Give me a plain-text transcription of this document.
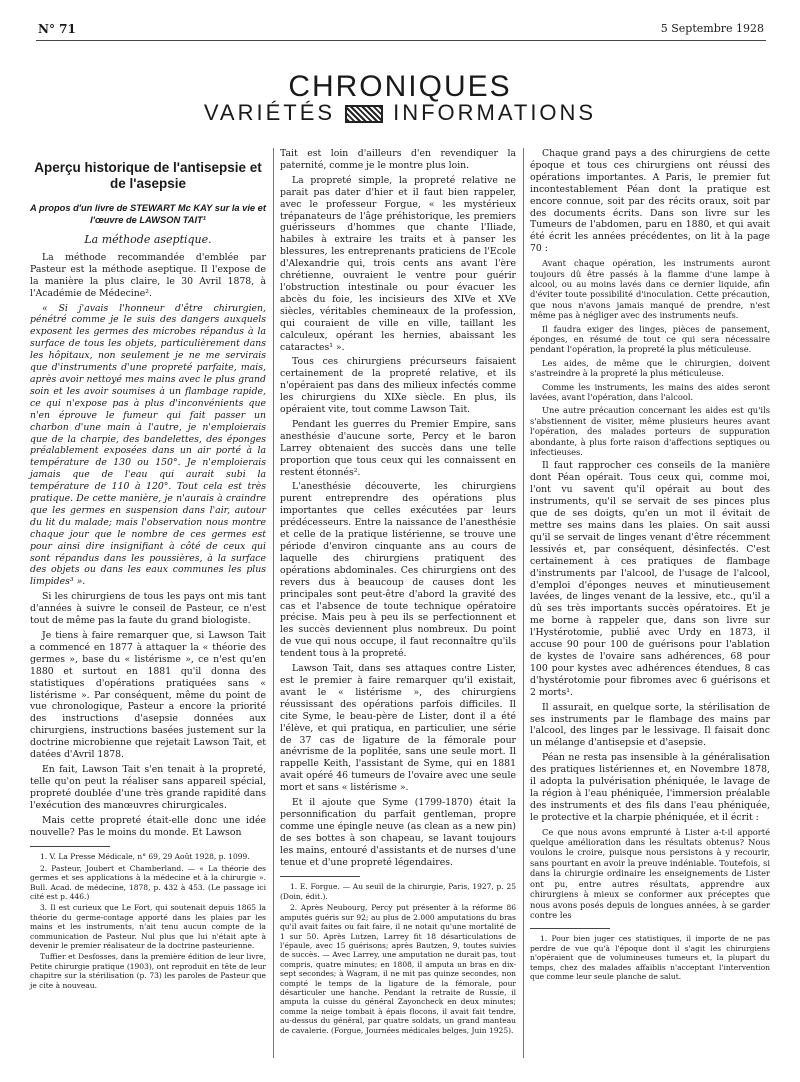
N° 71	5 Septembre 1928
CHRONIQUES
VARIÉTÉS	INFORMATIONS
Aperçu historique de l'antisepsie et de l'asepsie
A propos d'un livre de STEWART Mc KAY sur la vie et l'œuvre de LAWSON TAIT¹
La méthode aseptique.

La méthode recommandée d'emblée par Pasteur est la méthode aseptique. Il l'expose de la manière la plus claire, le 30 Avril 1878, à l'Académie de Médecine².

« Si j'avais l'honneur d'être chirurgien, pénétré comme je le suis des dangers auxquels exposent les germes des microbes répandus à la surface de tous les objets, particulièrement dans les hôpitaux, non seulement je ne me servirais que d'instruments d'une propreté parfaite, mais, après avoir nettoyé mes mains avec le plus grand soin et les avoir soumises à un flambage rapide, ce qui n'expose pas à plus d'inconvénients que n'en éprouve le fumeur qui fait passer un charbon d'une main à l'autre, je n'emploierais que de la charpie, des bandelettes, des éponges préalablement exposées dans un air porté à la température de 130 ou 150°. Je n'emploierais jamais que de l'eau qui aurait subi la température de 110 à 120°. Tout cela est très pratique. De cette manière, je n'aurais à craindre que les germes en suspension dans l'air, autour du lit du malade; mais l'observation nous montre chaque jour que le nombre de ces germes est pour ainsi dire insignifiant à côté de ceux qui sont répandus dans les poussières, à la surface des objets ou dans les eaux communes les plus limpides³ ».

Si les chirurgiens de tous les pays ont mis tant d'années à suivre le conseil de Pasteur, ce n'est tout de même pas la faute du grand biologiste.

Je tiens à faire remarquer que, si Lawson Tait a commencé en 1877 à attaquer la « théorie des germes », base du « listérisme », ce n'est qu'en 1880 et surtout en 1881 qu'il donna des statistiques d'opérations pratiquées sans « listérisme ». Par conséquent, même du point de vue chronologique, Pasteur a encore la priorité des instructions d'asepsie données aux chirurgiens, instructions basées justement sur la doctrine microbienne que rejetait Lawson Tait, et datées d'Avril 1878.

En fait, Lawson Tait s'en tenait à la propreté, telle qu'on peut la réaliser sans appareil spécial, propreté doublée d'une très grande rapidité dans l'exécution des manœuvres chirurgicales.

Mais cette propreté était-elle donc une idée nouvelle? Pas le moins du monde. Et Lawson

1. V. La Presse Médicale, n° 69, 29 Août 1928, p. 1099.
2. Pasteur, Joubert et Chamberland. — « La théorie des germes et ses applications à la médecine et à la chirurgie ». Bull. Acad. de médecine, 1878, p. 432 à 453. (Le passage ici cité est p. 446.)
3. Il est curieux que Le Fort, qui soutenait depuis 1865 la théorie du germe-contage apporté dans les plaies par les mains et les instruments, n'ait tenu aucun compte de la communication de Pasteur. Nul plus que lui n'était apte à devenir le premier réalisateur de la doctrine pasteurienne.
Tuffier et Desfosses, dans la première édition de leur livre, Petite chirurgie pratique (1903), ont reproduit en tête de leur chapitre sur la stérilisation (p. 73) les paroles de Pasteur que je cite à nouveau.

Tait est loin d'ailleurs d'en revendiquer la paternité, comme je le montre plus loin.

La propreté simple, la propreté relative ne parait pas dater d'hier et il faut bien rappeler, avec le professeur Forgue, « les mystérieux trépanateurs de l'âge préhistorique, les premiers guérisseurs d'hommes que chante l'Iliade, habiles à extraire les traits et à panser les blessures, les entreprenants praticiens de l'Ecole d'Alexandrie qui, trois cents ans avant l'ère chrétienne, ouvraient le ventre pour guérir l'obstruction intestinale ou pour évacuer les abcès du foie, les incisieurs des XIVe et XVe siècles, véritables chemineaux de la profession, qui couraient de ville en ville, taillant les calculeux, opérant les hernies, abaissant les cataractes¹ ».

Tous ces chirurgiens précurseurs faisaient certainement de la propreté relative, et ils n'opéraient pas dans des milieux infectés comme les chirurgiens du XIXe siècle. En plus, ils opéraient vite, tout comme Lawson Tait.

Pendant les guerres du Premier Empire, sans anesthésie d'aucune sorte, Percy et le baron Larrey obtenaient des succès dans une telle proportion que tous ceux qui les connaissent en restent étonnés².

L'anesthésie découverte, les chirurgiens purent entreprendre des opérations plus importantes que celles exécutées par leurs prédécesseurs. Entre la naissance de l'anesthésie et celle de la pratique listérienne, se trouve une période d'environ cinquante ans au cours de laquelle des chirurgiens pratiquent des opérations abdominales. Ces chirurgiens ont des revers dus à beaucoup de causes dont les principales sont peut-être d'abord la gravité des cas et l'absence de toute technique opératoire précise. Mais peu à peu ils se perfectionnent et les succès deviennent plus nombreux. Du point de vue qui nous occupe, il faut reconnaître qu'ils tendent tous à la propreté.

Lawson Tait, dans ses attaques contre Lister, est le premier à faire remarquer qu'il existait, avant le « listérisme », des chirurgiens réussissant des opérations parfois difficiles. Il cite Syme, le beau-père de Lister, dont il a été l'élève, et qui pratiqua, en particulier, une série de 37 cas de ligature de la fémorale pour anévrisme de la poplitée, sans une seule mort. Il rappelle Keith, l'assistant de Syme, qui en 1881 avait opéré 46 tumeurs de l'ovaire avec une seule mort et sans « listérisme ».

Et il ajoute que Syme (1799-1870) était la personnification du parfait gentleman, propre comme une épingle neuve (as clean as a new pin) de ses bottes à son chapeau, se lavant toujours les mains, entouré d'assistants et de nurses d'une tenue et d'une propreté légendaires.

1. E. Forgue. — Au seuil de la chirurgie, Paris, 1927, p. 25 (Doin, édit.).
2. Après Neubourg, Percy put présenter à la réforme 86 amputés guéris sur 92; au plus de 2.000 amputations du bras qu'il avait faites ou fait faire, il ne notait qu'une mortalité de 1 sur 50. Après Lutzen, Larrey fit 18 désarticulations de l'épaule, avec 15 guérisons; après Bautzen, 9, toutes suivies de succès. — Avec Larrey, une amputation ne durait pas, tout compris, quatre minutes; en 1808, il amputa un bras en dix-sept secondes; à Wagram, il ne mit pas quinze secondes, non compté le temps de la ligature de la fémorale, pour désarticuler une hanche. Pendant la retraite de Russie, il amputa la cuisse du général Zayoncheck en deux minutes; comme la neige tombait à épais flocons, il avait fait tendre, au-dessus du général, par quatre soldats, un grand manteau de cavalerie. (Forgue, Journées médicales belges, Juin 1925).

Chaque grand pays a des chirurgiens de cette époque et tous ces chirurgiens ont réussi des opérations importantes. A Paris, le premier fut incontestablement Péan dont la pratique est encore connue, soit par des récits oraux, soit par des documents écrits. Dans son livre sur les Tumeurs de l'abdomen, paru en 1880, et qui avait été écrit les années précédentes, on lit à la page 70 :

Avant chaque opération, les instruments auront toujours dû être passés à la flamme d'une lampe à alcool, ou au moins lavés dans ce dernier liquide, afin d'éviter toute possibilité d'inoculation. Cette précaution, que nous n'avons jamais manqué de prendre, n'est même pas à négliger avec des instruments neufs.

Il faudra exiger des linges, pièces de pansement, éponges, en résumé de tout ce qui sera nécessaire pendant l'opération, la propreté la plus méticuleuse.

Les aides, de même que le chirurgien, doivent s'astreindre à la propreté la plus méticuleuse.

Comme les instruments, les mains des aides seront lavées, avant l'opération, dans l'alcool.

Une autre précaution concernant les aides est qu'ils s'abstiennent de visiter, même plusieurs heures avant l'opération, des malades porteurs de suppuration abondante, à plus forte raison d'affections septiques ou infectieuses.

Il faut rapprocher ces conseils de la manière dont Péan opérait. Tous ceux qui, comme moi, l'ont vu savent qu'il opérait au bout des instruments, qu'il se servait de ses pinces plus que de ses doigts, qu'en un mot il évitait de mettre ses mains dans les plaies. On sait aussi qu'il se servait de linges venant d'être récemment lessivés et, par conséquent, désinfectés. C'est certainement à ces pratiques de flambage d'instruments par l'alcool, de l'usage de l'alcool, d'emploi d'éponges neuves et minutieusement lavées, de linges venant de la lessive, etc., qu'il a dû ses très importants succès opératoires. Et je me borne à rappeler que, dans son livre sur l'Hystérotomie, publié avec Urdy en 1873, il accuse 90 pour 100 de guérisons pour l'ablation de kystes de l'ovaire sans adhérences, 68 pour 100 pour kystes avec adhérences étendues, 8 cas d'hystérotomie pour fibromes avec 6 guérisons et 2 morts¹.

Il assurait, en quelque sorte, la stérilisation de ses instruments par le flambage des mains par l'alcool, des linges par le lessivage. Il faisait donc un mélange d'antisepsie et d'asepsie.

Péan ne resta pas insensible à la généralisation des pratiques listériennes et, en Novembre 1878, il adopta la pulvérisation phéniquée, le lavage de la région à l'eau phéniquée, l'immersion préalable des instruments et des fils dans l'eau phéniquée, le protective et la charpie phéniquée, et il écrit :

Ce que nous avons emprunté à Lister a-t-il apporté quelque amélioration dans les résultats obtenus? Nous voulons le croire, puisque nous persistons à y recourir, sans pourtant en avoir la preuve indéniable. Toutefois, si dans la chirurgie ordinaire les enseignements de Lister ont pu, entre autres résultats, apprendre aux chirurgiens à mieux se conformer aux préceptes que nous avons posés depuis de longues années, à se garder contre les

1. Pour bien juger ces statistiques, il importe de ne pas perdre de vue qu'à l'époque dont il s'agit les chirurgiens n'opéraient que de volumineuses tumeurs et, la plupart du temps, chez des malades affaiblis n'acceptant l'intervention que comme leur seule planche de salut.
